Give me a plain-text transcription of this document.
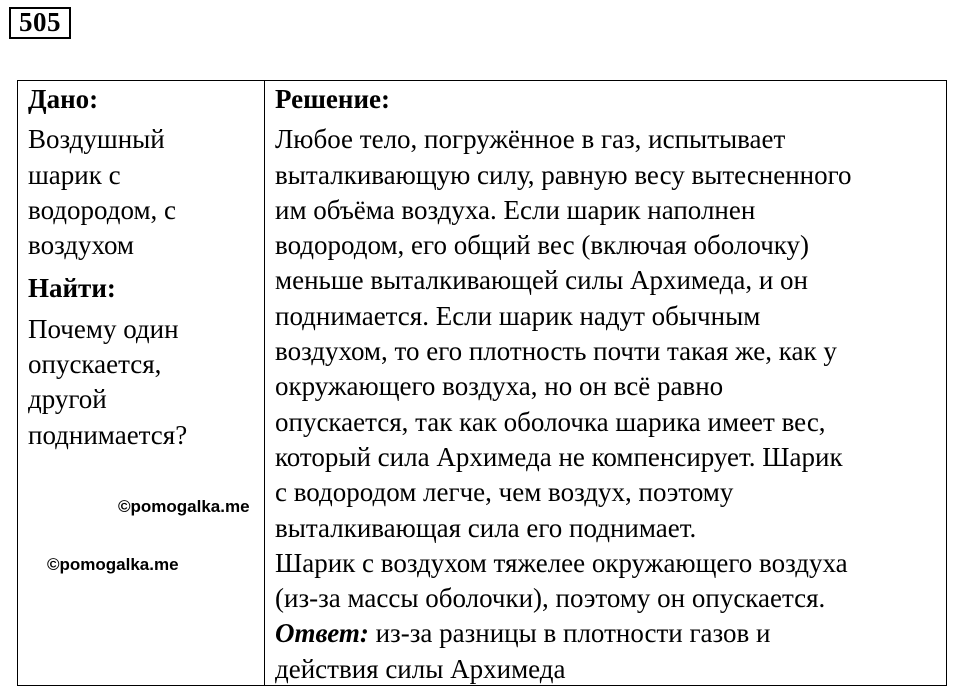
505
Дано:
Воздушный
шарик с
водородом, с
воздухом
Найти:
Почему один
опускается,
другой
поднимается?
Решение:
Любое тело, погружённое в газ, испытывает
выталкивающую силу, равную весу вытесненного
им объёма воздуха. Если шарик наполнен
водородом, его общий вес (включая оболочку)
меньше выталкивающей силы Архимеда, и он
поднимается. Если шарик надут обычным
воздухом, то его плотность почти такая же, как у
окружающего воздуха, но он всё равно
опускается, так как оболочка шарика имеет вес,
который сила Архимеда не компенсирует. Шарик
с водородом легче, чем воздух, поэтому
выталкивающая сила его поднимает.
Шарик с воздухом тяжелее окружающего воздуха
(из-за массы оболочки), поэтому он опускается.
Ответ: из-за разницы в плотности газов и
действия силы Архимеда
©pomogalka.me
©pomogalka.me
